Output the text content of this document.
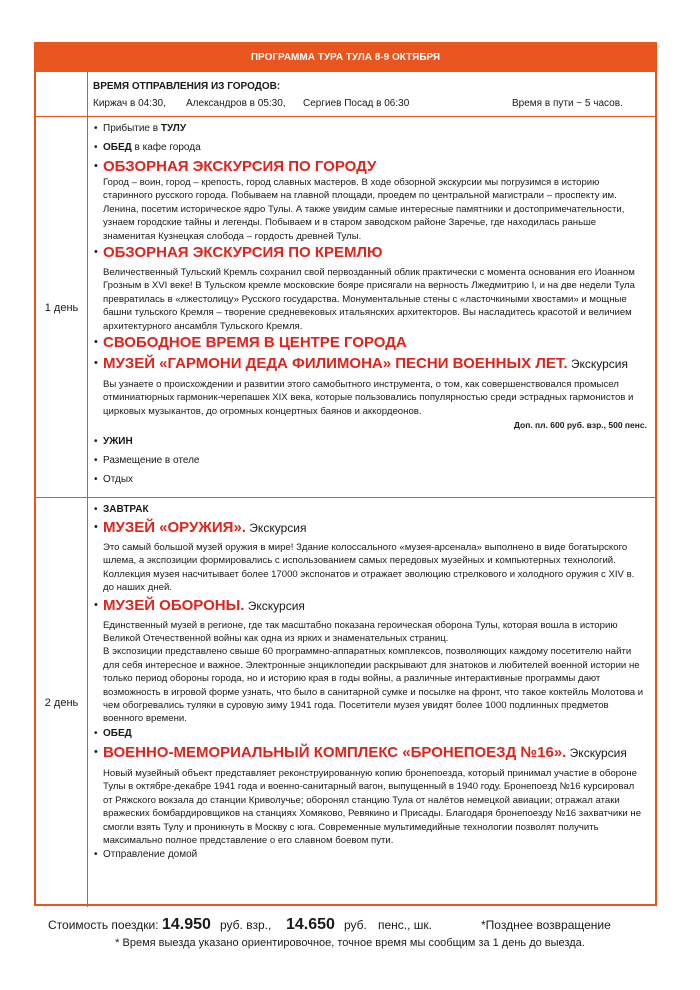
ПРОГРАММА ТУРА ТУЛА 8-9 ОКТЯБРЯ
ВРЕМЯ ОТПРАВЛЕНИЯ ИЗ ГОРОДОВ:
Киржач в 04:30, Александров в 05:30, Сергиев Посад в 06:30	Время в пути ~ 5 часов.
1 день
• Прибытие в ТУЛУ
• ОБЕД в кафе города
• ОБЗОРНАЯ ЭКСКУРСИЯ ПО ГОРОДУ
Город – воин, город – крепость, город славных мастеров. В ходе обзорной экскурсии мы погрузимся в историю старинного русского города. Побываем на главной площади, проедем по центральной магистрали – проспекту им. Ленина, посетим историческое ядро Тулы. А также увидим самые интересные памятники и достопримечательности, узнаем городские тайны и легенды. Побываем и в старом заводском районе Заречье, где находилась раньше знаменитая Кузнецкая слобода – гордость древней Тулы.
• ОБЗОРНАЯ ЭКСКУРСИЯ ПО КРЕМЛЮ
Величественный Тульский Кремль сохранил свой первозданный облик практически с момента основания его Иоанном Грозным в XVI веке! В Тульском кремле московские бояре присягали на верность Лжедмитрию I, и на две недели Тула превратилась в «лжестолицу» Русского государства. Монументальные стены с «ласточкиными хвостами» и мощные башни тульского Кремля – творение средневековых итальянских архитекторов. Вы насладитесь красотой и величием архитектурного ансамбля Тульского Кремля.
• СВОБОДНОЕ ВРЕМЯ В ЦЕНТРЕ ГОРОДА
• МУЗЕЙ «ГАРМОНИ ДЕДА ФИЛИМОНА» ПЕСНИ ВОЕННЫХ ЛЕТ. Экскурсия
Вы узнаете о происхождении и развитии этого самобытного инструмента, о том, как совершенствовался промысел отминиатюрных гармоник-черепашек XIX века, которые пользовались популярностью среди эстрадных гармонистов и цирковых музыкантов, до огромных концертных баянов и аккордеонов.
Доп. пл. 600 руб. взр., 500 пенс.
• УЖИН
• Размещение в отеле
• Отдых
2 день
• ЗАВТРАК
• МУЗЕЙ «ОРУЖИЯ». Экскурсия
Это самый большой музей оружия в мире! Здание колоссального «музея-арсенала» выполнено в виде богатырского шлема, а экспозиции формировались с использованием самых передовых музейных и компьютерных технологий. Коллекция музея насчитывает более 17000 экспонатов и отражает эволюцию стрелкового и холодного оружия с XIV в. до наших дней.
• МУЗЕЙ ОБОРОНЫ. Экскурсия
Единственный музей в регионе, где так масштабно показана героическая оборона Тулы, которая вошла в историю Великой Отечественной войны как одна из ярких и знаменательных страниц.
В экспозиции представлено свыше 60 программно-аппаратных комплексов, позволяющих каждому посетителю найти для себя интересное и важное. Электронные энциклопедии раскрывают для знатоков и любителей военной истории не только период обороны города, но и историю края в годы войны, а различные интерактивные программы дают возможность в игровой форме узнать, что было в санитарной сумке и посылке на фронт, что такое коктейль Молотова и чем обогревались туляки в суровую зиму 1941 года. Посетители музея увидят более 1000 подлинных предметов военного времени.
• ОБЕД
• ВОЕННО-МЕМОРИАЛЬНЫЙ КОМПЛЕКС «БРОНЕПОЕЗД №16». Экскурсия
Новый музейный объект представляет реконструированную копию бронепоезда, который принимал участие в обороне Тулы в октябре-декабре 1941 года и военно-санитарный вагон, выпущенный в 1940 году. Бронепоезд №16 курсировал от Ряжского вокзала до станции Криволучье; оборонял станцию Тула от налётов немецкой авиации; отражал атаки вражеских бомбардировщиков на станциях Хомяково, Ревякино и Присады. Благодаря бронепоезду №16 захватчики не смогли взять Тулу и проникнуть в Москву с юга. Современные мультимедийные технологии позволят получить максимально полное представление о его славном боевом пути.
• Отправление домой
Стоимость поездки: 14.950 руб. взр., 14.650 руб. пенс., шк.	*Позднее возвращение
* Время выезда указано ориентировочное, точное время мы сообщим за 1 день до выезда.
